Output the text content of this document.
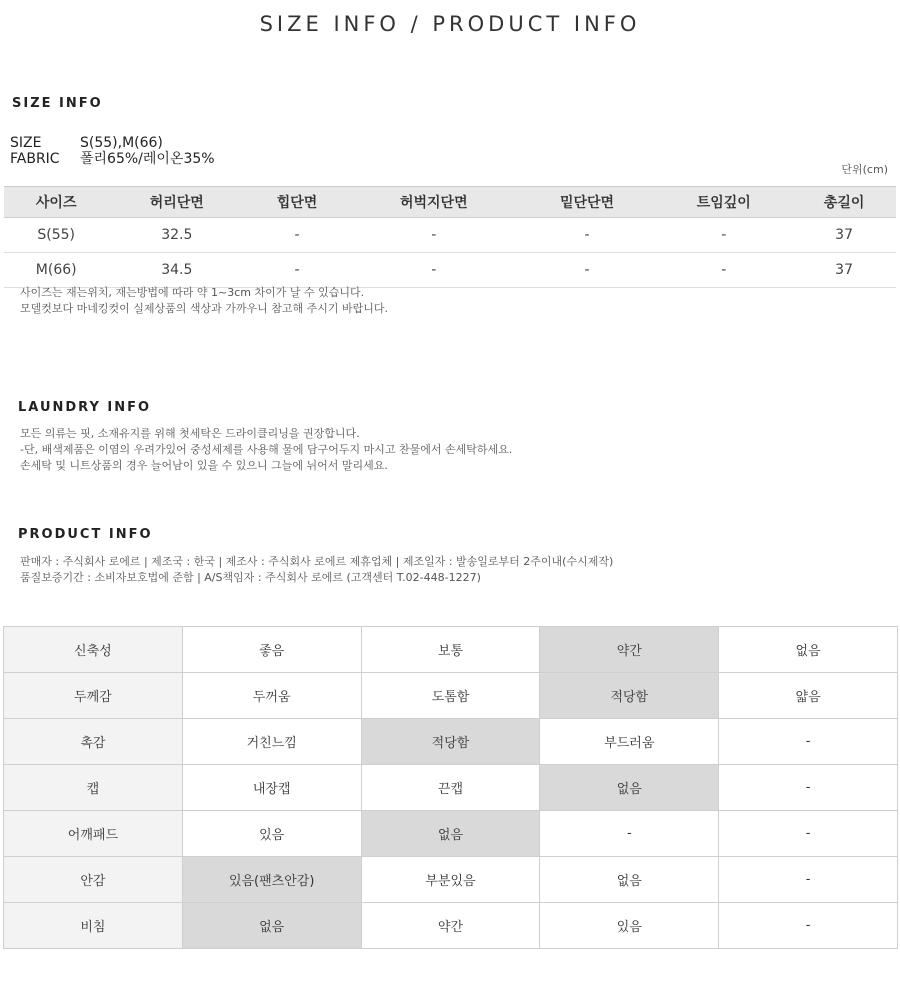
SIZE INFO / PRODUCT INFO
SIZE INFO
SIZE	S(55),M(66)
FABRIC 폴리65%/레이온35%
단위(cm)
사이즈	허리단면	힙단면	허벅지단면	밑단단면	트임깊이	총길이
S(55)	32.5	-	-	-	-	37
M(66)	34.5	-	-	-	-	37
사이즈는 재는위치, 재는방법에 따라 약 1~3cm 차이가 날 수 있습니다.
모델컷보다 마네킹컷이 실제상품의 색상과 가까우니 참고해 주시기 바랍니다.
LAUNDRY INFO
모든 의류는 핏, 소재유지를 위해 첫세탁은 드라이클리닝을 권장합니다.
-단, 배색제품은 이염의 우려가있어 중성세제를 사용해 물에 담구어두지 마시고 찬물에서 손세탁하세요.
손세탁 및 니트상품의 경우 늘어남이 있을 수 있으니 그늘에 뉘어서 말리세요.
PRODUCT INFO
판매자 : 주식회사 로에르 | 제조국 : 한국 | 제조사 : 주식회사 로에르 제휴업체 | 제조일자 : 발송일로부터 2주이내(수시제작)
품질보증기간 : 소비자보호법에 준함 | A/S책임자 : 주식회사 로에르 (고객센터 T.02-448-1227)
신축성	좋음	보통	약간	없음
두께감	두꺼움	도톰함	적당함	얇음
촉감	거친느낌	적당함	부드러움	-
캡	내장캡	끈캡	없음	-
어깨패드	있음	없음	-	-
안감	있음(팬츠안감)	부분있음	없음	-
비침	없음	약간	있음	-
